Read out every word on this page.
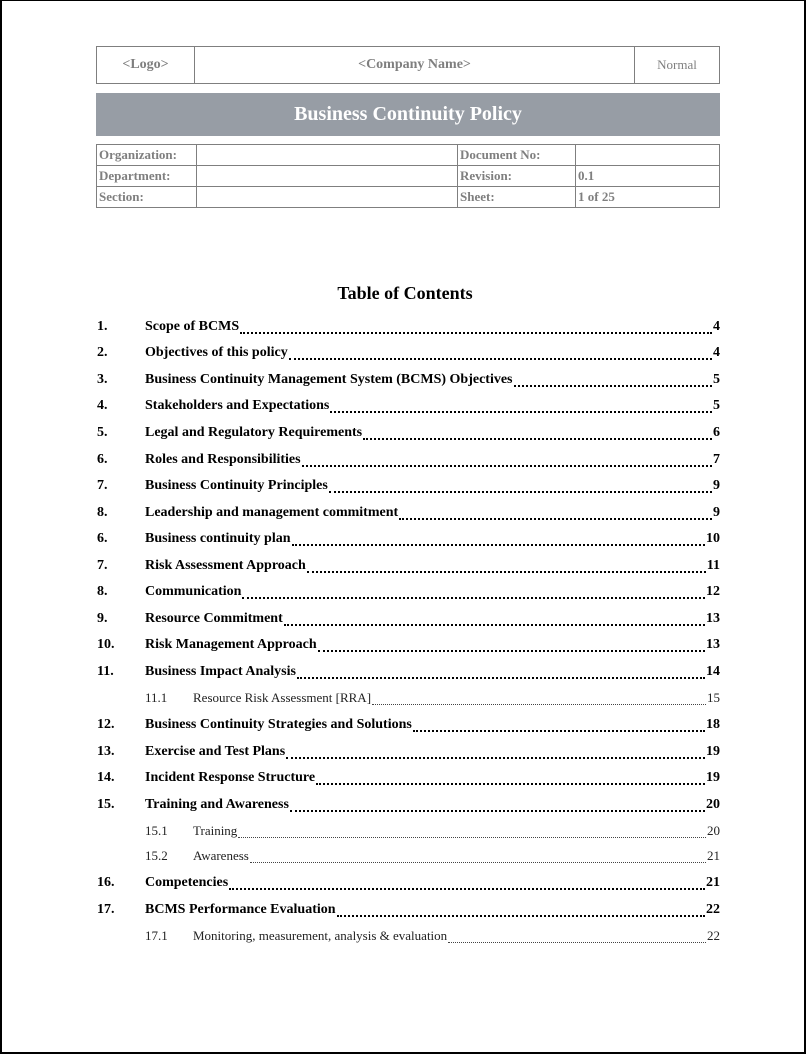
<Logo>	<Company Name>	Normal
Business Continuity Policy
Organization:		Document No:	
Department:		Revision:	0.1
Section:		Sheet:	1 of 25
Table of Contents
1.	Scope of BCMS	4
2.	Objectives of this policy	4
3.	Business Continuity Management System (BCMS) Objectives	5
4.	Stakeholders and Expectations	5
5.	Legal and Regulatory Requirements	6
6.	Roles and Responsibilities	7
7.	Business Continuity Principles	9
8.	Leadership and management commitment	9
6.	Business continuity plan	10
7.	Risk Assessment Approach	11
8.	Communication	12
9.	Resource Commitment	13
10.	Risk Management Approach	13
11.	Business Impact Analysis	14
11.1	Resource Risk Assessment [RRA]	15
12.	Business Continuity Strategies and Solutions	18
13.	Exercise and Test Plans	19
14.	Incident Response Structure	19
15.	Training and Awareness	20
15.1	Training	20
15.2	Awareness	21
16.	Competencies	21
17.	BCMS Performance Evaluation	22
17.1	Monitoring, measurement, analysis & evaluation	22
